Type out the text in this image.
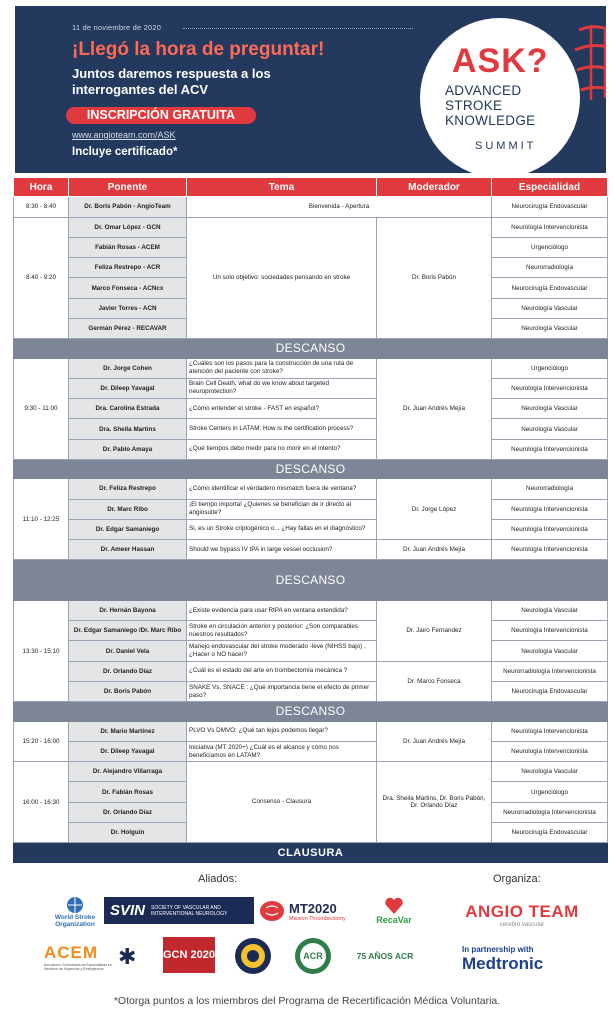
11 de noviembre de 2020
¡Llegó la hora de preguntar!
Juntos daremos respuesta a los interrogantes del ACV
INSCRIPCIÓN GRATUITA
www.angioteam.com/ASK
Incluye certificado*
ASK?
ADVANCED
STROKE
KNOWLEDGE
SUMMIT
Hora	Ponente	Tema	Moderador	Especialidad
8:30 - 8:40	Dr. Boris Pabón - AngioTeam	Bienvenida - Apertura		Neurocirugía Endovascular
8:40 - 9:20	Dr. Omar López - GCN	Un solo objetivo: sociedades pensando en stroke	Dr. Boris Pabón	Neurología Intervencionista
	Fabián Rosas - ACEM			Urgenciólogo
	Feliza Restrepo - ACR			Neurorradiología
	Marco Fonseca - ACNcx			Neurocirugía Endovascular
	Javier Torres - ACN			Neurología Vascular
	Germán Pérez - RECAVAR			Neurología Vascular
DESCANSO				
9:30 - 11:00	Dr. Jorge Cohen	¿Cuáles son los pasos para la construcción de una ruta de atención del paciente con stroke?	Dr. Juan Andrés Mejía	Urgenciólogo
	Dr. Dileep Yavagal	Brain Cell Death, what do we know about targeted neuroprotection?		Neurología Intervencionista
	Dra. Carolina Estrada	¿Cómo entender el stroke - FAST en español?		Neurología Vascular
	Dra. Sheila Martins	Stroke Centers in LATAM: How is the certification process?		Neurología Vascular
	Dr. Pablo Amaya	¿Qué tiempos debo medir para no morir en el intento?		Neurología Intervencionista
DESCANSO				
11:10 - 12:25	Dr. Feliza Restrepo	¿Cómo identificar el verdadero mismatch fuera de ventana?	Dr. Jorge López	Neurorradiología
	Dr. Marc Ribo	¡El tiempo importa! ¿Quienes se benefician de ir directo al angiosuite?		Neurología Intervencionista
	Dr. Edgar Samaniego	Si, es un Stroke criptogénico o... ¿Hay fallas en el diagnóstico?		Neurología Intervencionista
	Dr. Ameer Hassan	Should we bypass IV tPA in large vessel occlusion?	Dr. Juan Andrés Mejía	Neurología Intervencionista
DESCANSO				
13:30 - 15:10	Dr. Hernán Bayona	¿Existe evidencia para usar RtPA en ventana extendida?	Dr. Jairo Fernandez	Neurología Vascular
	Dr. Edgar Samaniego /Dr. Marc Ribo	Stroke en circulación anterior y posterior: ¿Son comparables nuestros resultados?		Neurología Intervencionista
	Dr. Daniel Vela	Manejo endovascular del stroke moderado -leve (NIHSS bajo) , ¿Hacer o NO hacer?		Neurología Vascular
	Dr. Orlando Díaz	¿Cuál es el estado del arte en trombectomía mecánica ?	Dr. Marco Fonseca	Neurorradiología Intervencionista
	Dr. Boris Pabón	SNAKE Vs. SNACE : ¿Qué importancia tiene el efecto de primer paso?		Neurocirugía Endovascular
DESCANSO				
15:20 - 16:00	Dr. Mario Martínez	PLVO Vs DMVO: ¿Qué tan lejos podemos llegar?	Dr. Juan Andrés Mejía	Neurología Intervencionista
	Dr. Dileep Yavagal	Iniciativa (MT 2020+) ¿Cuál es el alcance y cómo nos beneficiamos en LATAM?		Neurología Intervencionista
16:00 - 16:30	Dr. Alejandro Villarraga	Consenso - Clausura	Dra. Sheila Martins, Dr. Boris Pabón, Dr. Orlando Díaz	Neurología Vascular
	Dr. Fabián Rosas			Urgenciólogo
	Dr. Orlando Díaz			Neurorradiología Intervencionista
	Dr. Holguín			Neurocirugía Endovascular
CLAUSURA				
Aliados:	Organiza:
World Stroke Organization
SVIN SOCIETY OF VASCULAR AND INTERVENTIONAL NEUROLOGY	MT2020
Mission Thrombectomy	RecaVar
ACEM
Asociación Colombiana de Especialistas en Medicina de Urgencias y Emergencias ✱ GCN 2020	ACR	75 AÑOS ACR
ANGIO TEAM
cerebro vascular
In partnership with
Medtronic
*Otorga puntos a los miembros del Programa de Recertificación Médica Voluntaria.
